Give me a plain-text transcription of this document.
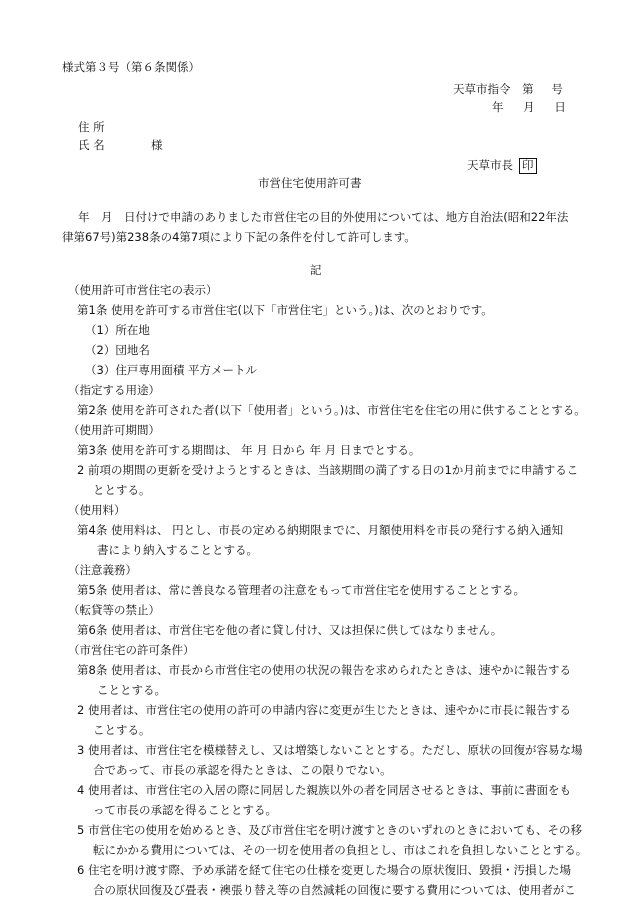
様式第３号（第６条関係）
天草市指令 第 号
年 月 日
住 所
氏 名	様
天草市長 印
市営住宅使用許可書
年　月　日付けで申請のありました市営住宅の目的外使用については、地方自治法(昭和22年法
律第67号)第238条の4第7項により下記の条件を付して許可します。
記
（使用許可市営住宅の表示）
第1条 使用を許可する市営住宅(以下「市営住宅」という。)は、次のとおりです。
（1）所在地
（2）団地名
（3）住戸専用面積 平方メートル
（指定する用途）
第2条 使用を許可された者(以下「使用者」という。)は、市営住宅を住宅の用に供することとする。
（使用許可期間）
第3条 使用を許可する期間は、 年 月 日から 年 月 日までとする。
2 前項の期間の更新を受けようとするときは、当該期間の満了する日の1か月前までに申請するこ
ととする。
（使用料）
第4条 使用料は、 円とし、市長の定める納期限までに、月額使用料を市長の発行する納入通知
書により納入することとする。
（注意義務）
第5条 使用者は、常に善良なる管理者の注意をもって市営住宅を使用することとする。
（転貸等の禁止）
第6条 使用者は、市営住宅を他の者に貸し付け、又は担保に供してはなりません。
（市営住宅の許可条件）
第8条 使用者は、市長から市営住宅の使用の状況の報告を求められたときは、速やかに報告する
こととする。
2 使用者は、市営住宅の使用の許可の申請内容に変更が生じたときは、速やかに市長に報告する
ことする。
3 使用者は、市営住宅を模様替えし、又は増築しないこととする。ただし、原状の回復が容易な場
合であって、市長の承認を得たときは、この限りでない。
4 使用者は、市営住宅の入居の際に同居した親族以外の者を同居させるときは、事前に書面をも
って市長の承認を得ることとする。
5 市営住宅の使用を始めるとき、及び市営住宅を明け渡すときのいずれのときにおいても、その移
転にかかる費用については、その一切を使用者の負担とし、市はこれを負担しないこととする。
6 住宅を明け渡す際、予め承諾を経て住宅の仕様を変更した場合の原状復旧、毀損・汚損した場
合の原状回復及び畳表・襖張り替え等の自然減耗の回復に要する費用については、使用者がこ
